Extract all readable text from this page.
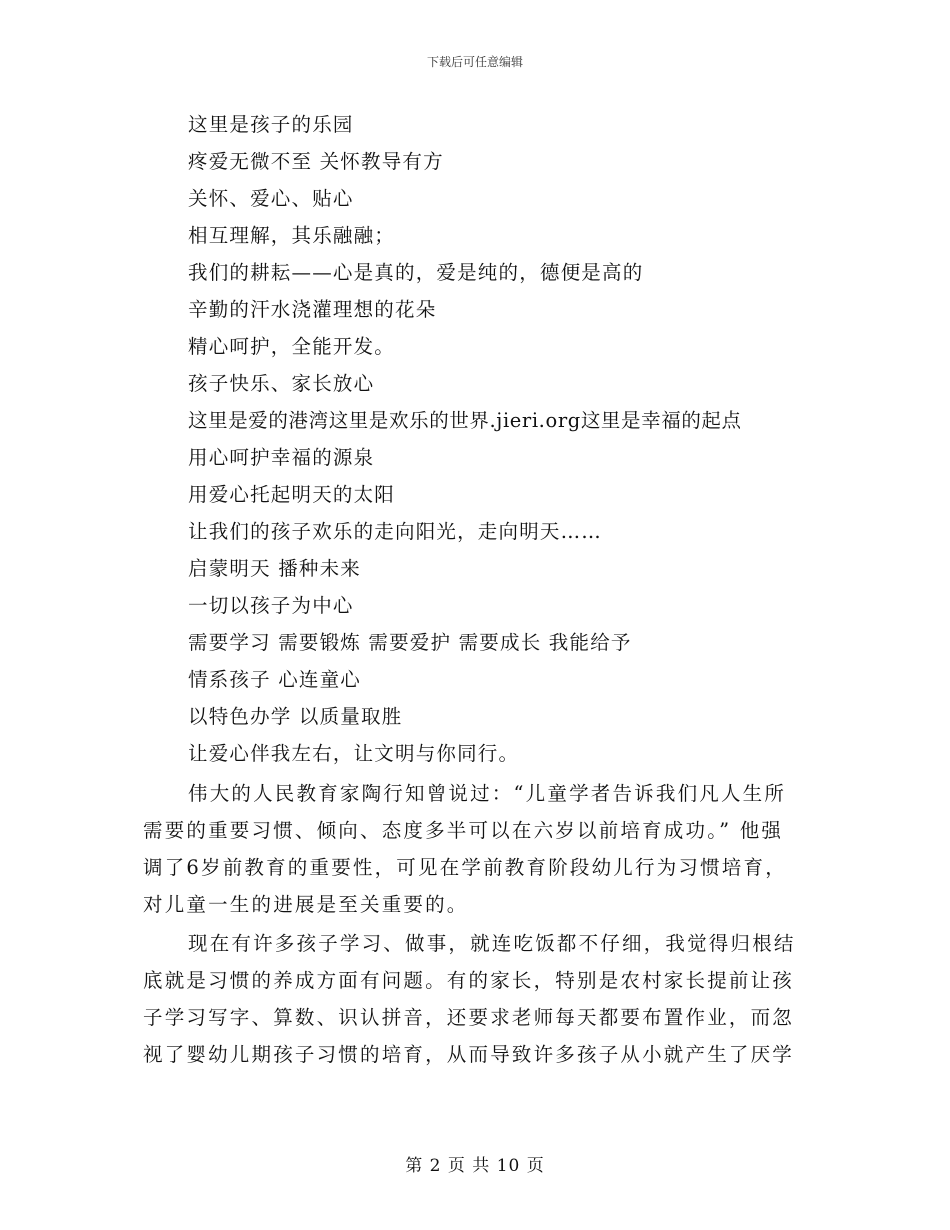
下载后可任意编辑
这里是孩子的乐园
疼爱无微不至 关怀教导有方
关怀、爱心、贴心
相互理解，其乐融融；
我们的耕耘——心是真的，爱是纯的，德便是高的
辛勤的汗水浇灌理想的花朵
精心呵护，全能开发。
孩子快乐、家长放心
这里是爱的港湾这里是欢乐的世界.jieri.org这里是幸福的起点
用心呵护幸福的源泉
用爱心托起明天的太阳
让我们的孩子欢乐的走向阳光，走向明天……
启蒙明天 播种未来
一切以孩子为中心
需要学习 需要锻炼 需要爱护 需要成长 我能给予
情系孩子 心连童心
以特色办学 以质量取胜
让爱心伴我左右，让文明与你同行。
伟大的人民教育家陶行知曾说过：“儿童学者告诉我们凡人生所
需要的重要习惯、倾向、态度多半可以在六岁以前培育成功。” 他强
调了6岁前教育的重要性，可见在学前教育阶段幼儿行为习惯培育，
对儿童一生的进展是至关重要的。
现在有许多孩子学习、做事，就连吃饭都不仔细，我觉得归根结
底就是习惯的养成方面有问题。有的家长，特别是农村家长提前让孩
子学习写字、算数、识认拼音，还要求老师每天都要布置作业，而忽
视了婴幼儿期孩子习惯的培育，从而导致许多孩子从小就产生了厌学
第 2 页 共 10 页
